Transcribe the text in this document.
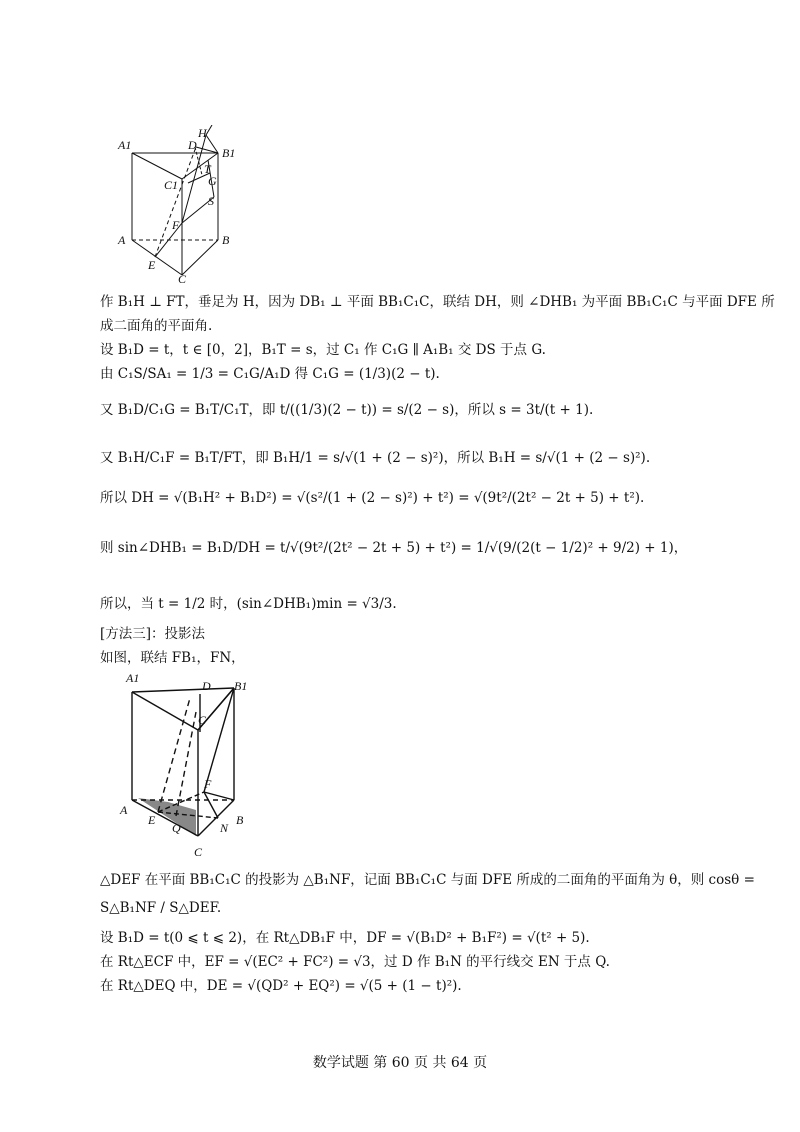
A1	D
H
B1
T
G
C1
S
F
A	B
E
C
作 B₁H ⊥ FT，垂足为 H，因为 DB₁ ⊥ 平面 BB₁C₁C，联结 DH，则 ∠DHB₁ 为平面 BB₁C₁C 与平面 DFE 所
成二面角的平面角.
设 B₁D = t，t ∈ [0，2]，B₁T = s，过 C₁ 作 C₁G ∥ A₁B₁ 交 DS 于点 G.
由 C₁S/SA₁ = 1/3 = C₁G/A₁D 得 C₁G = (1/3)(2 − t).
又 B₁D/C₁G = B₁T/C₁T，即 t/((1/3)(2 − t)) = s/(2 − s)，所以 s = 3t/(t + 1).
又 B₁H/C₁F = B₁T/FT，即 B₁H/1 = s/√(1 + (2 − s)²)，所以 B₁H = s/√(1 + (2 − s)²).
所以 DH = √(B₁H² + B₁D²) = √(s²/(1 + (2 − s)²) + t²) = √(9t²/(2t² − 2t + 5) + t²).
则 sin∠DHB₁ = B₁D/DH = t/√(9t²/(2t² − 2t + 5) + t²) = 1/√(9/(2(t − 1/2)² + 9/2) + 1)，
所以，当 t = 1/2 时，(sin∠DHB₁)min = √3/3.
[方法三]：投影法
如图，联结 FB₁，FN，
A1
D B1
C
F
A
E
Q	N
B
C
△DEF 在平面 BB₁C₁C 的投影为 △B₁NF，记面 BB₁C₁C 与面 DFE 所成的二面角的平面角为 θ，则 cosθ =
S△B₁NF / S△DEF.
设 B₁D = t(0 ⩽ t ⩽ 2)，在 Rt△DB₁F 中，DF = √(B₁D² + B₁F²) = √(t² + 5).
在 Rt△ECF 中，EF = √(EC² + FC²) = √3，过 D 作 B₁N 的平行线交 EN 于点 Q.
在 Rt△DEQ 中，DE = √(QD² + EQ²) = √(5 + (1 − t)²).
数学试题 第 60 页 共 64 页
